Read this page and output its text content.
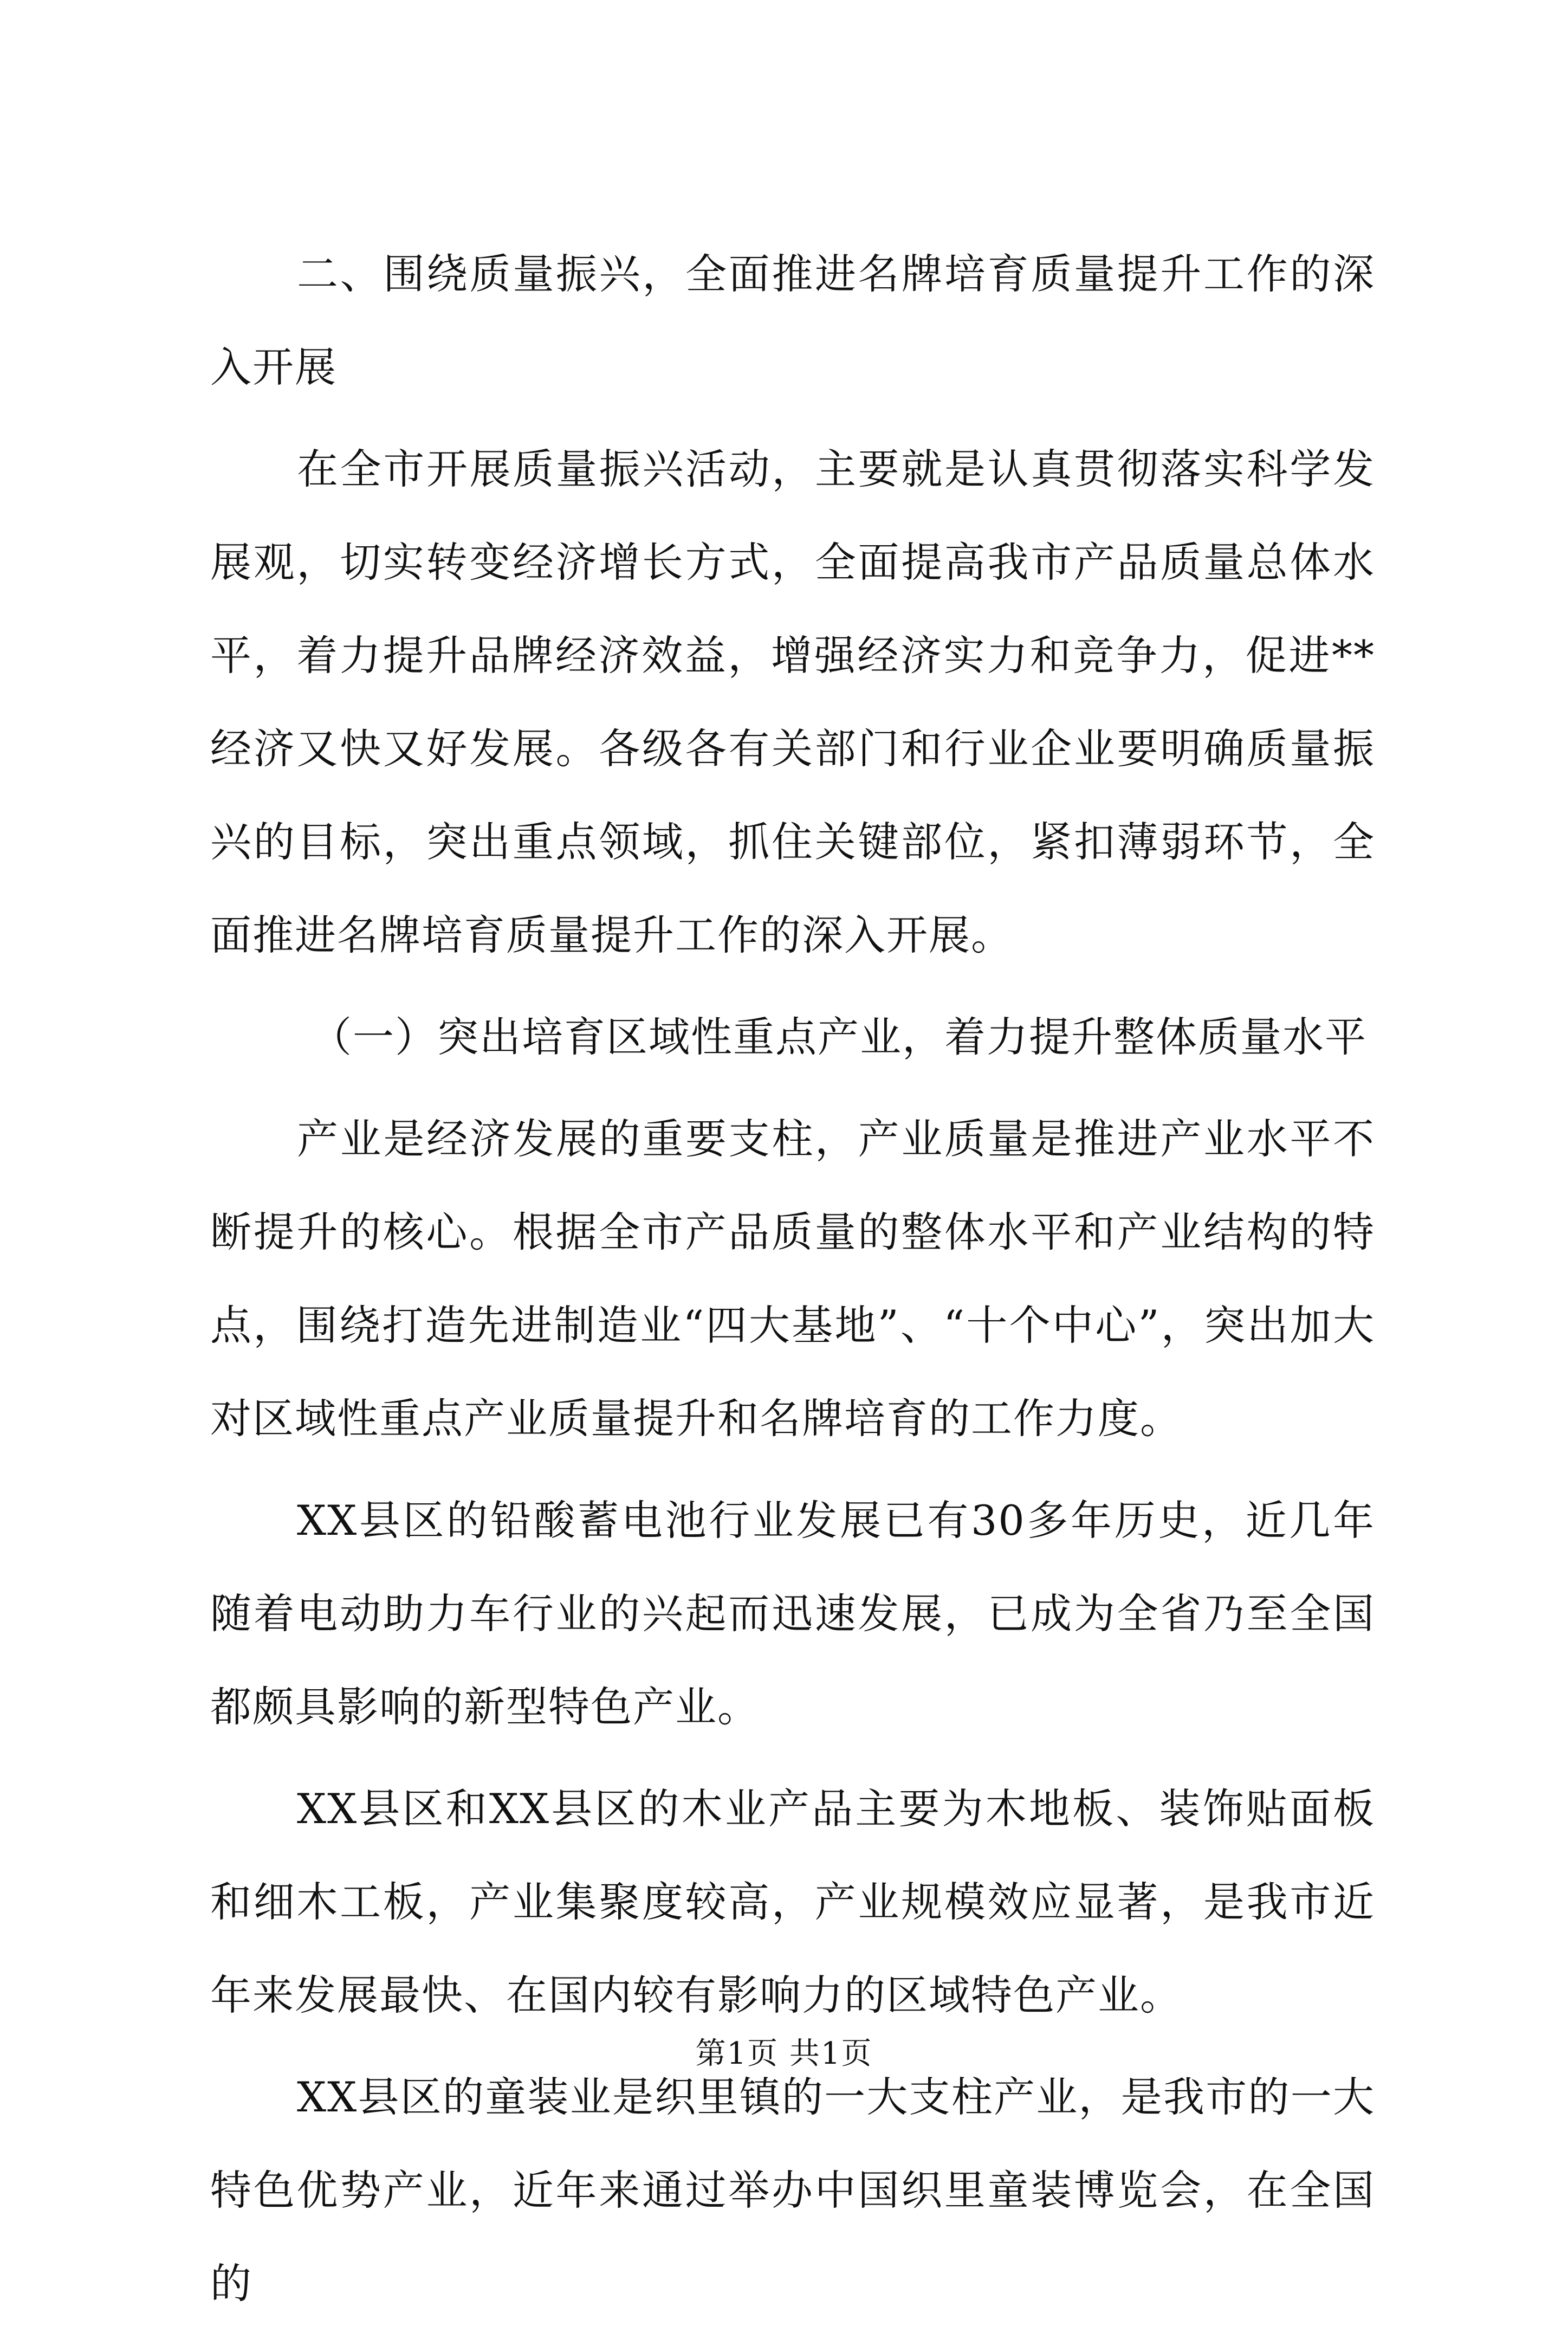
二、围绕质量振兴，全面推进名牌培育质量提升工作的深入开展

在全市开展质量振兴活动，主要就是认真贯彻落实科学发展观，切实转变经济增长方式，全面提高我市产品质量总体水平，着力提升品牌经济效益，增强经济实力和竞争力，促进**经济又快又好发展。各级各有关部门和行业企业要明确质量振兴的目标，突出重点领域，抓住关键部位，紧扣薄弱环节，全面推进名牌培育质量提升工作的深入开展。

（一）突出培育区域性重点产业，着力提升整体质量水平

产业是经济发展的重要支柱，产业质量是推进产业水平不断提升的核心。根据全市产品质量的整体水平和产业结构的特点，围绕打造先进制造业“四大基地”、“十个中心”，突出加大对区域性重点产业质量提升和名牌培育的工作力度。

XX县区的铅酸蓄电池行业发展已有30多年历史，近几年随着电动助力车行业的兴起而迅速发展，已成为全省乃至全国都颇具影响的新型特色产业。

XX县区和XX县区的木业产品主要为木地板、装饰贴面板和细木工板，产业集聚度较高，产业规模效应显著，是我市近年来发展最快、在国内较有影响力的区域特色产业。

XX县区的童装业是织里镇的一大支柱产业，是我市的一大特色优势产业，近年来通过举办中国织里童装博览会，在全国的

第1页 共1页
